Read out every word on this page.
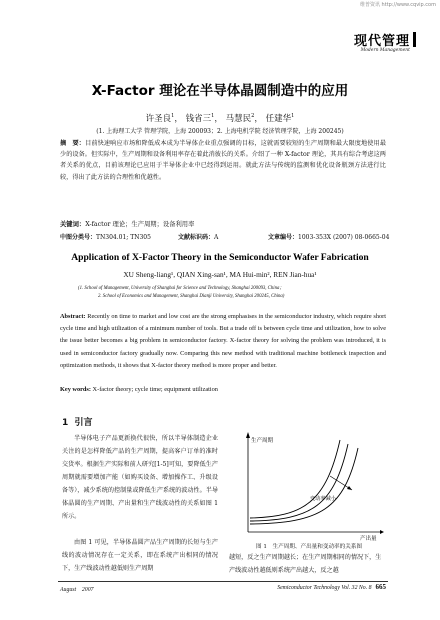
维普资讯 http://www.cqvip.com
现代管理
Modern Management
X-Factor 理论在半导体晶圆制造中的应用
许圣良$^1$， 钱省三$^1$， 马慧民$^2$， 任建华$^1$
(1. 上海理工大学 管理学院，上海 200093；2. 上海电机学院 经济管理学院，上海 200245)
摘　要：目前快速响应市场和降低成本成为半导体企业重点强调的目标，这就需要较短的生产周期和最大限度地使用最少的设备。但实际中，生产周期和设备利用率存在着此消彼长的关系。介绍了一种 X-factor 理论，其具有综合考虑这两者关系的优点，目前该理论已应用于半导体企业中已经得到运用。就此方法与传统的监测和优化设备瓶颈方法进行比较，得出了此方法的合理性和优越性。
关键词：X-factor 理论；生产周期；设备利用率
中图分类号：TN304.01; TN305	文献标识码：A	文章编号：1003-353X (2007) 08-0665-04
Application of X-Factor Theory in the Semiconductor Wafer Fabrication
XU Sheng-liang¹, QIAN Xing-san¹, MA Hui-min², REN Jian-hua¹
(1. School of Management, University of Shanghai for Science and Technology, Shanghai 200093, China；
2. School of Economics and Management, Shanghai Dianji University, Shanghai 200245, China)
Abstract: Recently on time to market and low cost are the strong emphasises in the semiconductor industry, which require short cycle time and high utilization of a minimum number of tools. But a trade off is between cycle time and utilization, how to solve the issue better becomes a big problem in semiconductor factory. X-factor theory for solving the problem was introduced, it is used in semiconductor factory gradually now. Comparing this new method with traditional machine bottleneck inspection and optimization methods, it shows that X-factor theory method is more proper and better.
Key words: X-factor theory; cycle time; equipment utilization
1 引言
半导体电子产品更新换代很快，所以半导体制造企业关注的是怎样降低产品的生产周期，提高客户订单的准时交货率。根据生产实际和前人研究[1-5]可知，要降低生产周期就需要增加产能（如购买设备、增加操作工、升级设备等），减少系统的控制量或降低生产系统的波动性。半导体晶圆的生产周期、产出量和生产线波动性的关系如图 1 所示。
由图 1 可见，半导体晶圆产品生产周期的长短与生产线的波动情况存在一定关系，即在系统产出相同的情况下，生产线波动性越低则生产周期
生产周期
产出量
变动率减小
图 1　生产周期、产出量和变动率的关系图
越短，反之生产周期越长；在生产周期相同的情况下，生产线波动性越低则系统产出越大，反之越
August　2007	Semiconductor Technology Vol. 32 No. 8 665
